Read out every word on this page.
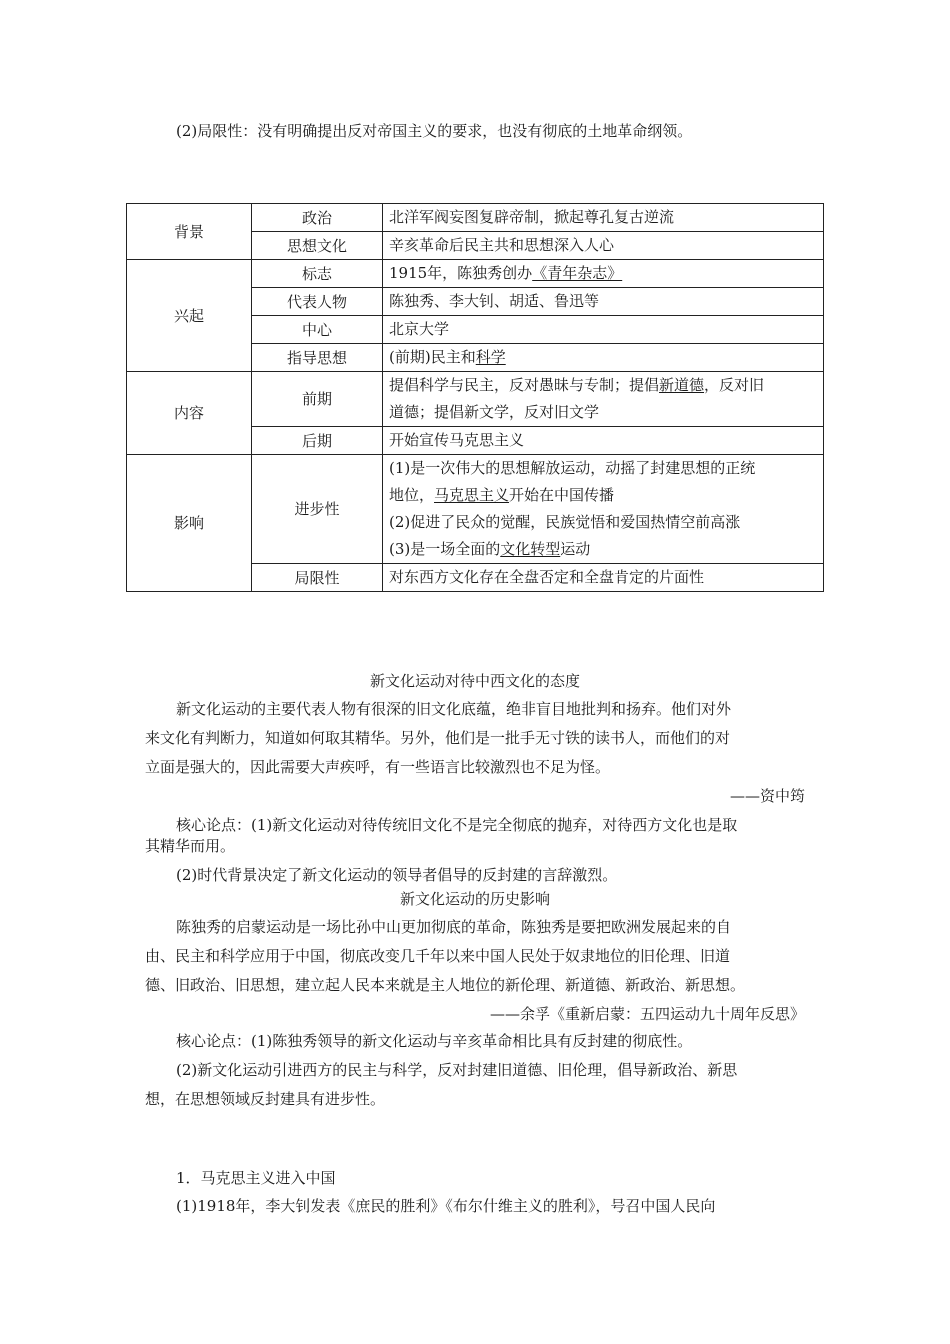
(2)局限性：没有明确提出反对帝国主义的要求，也没有彻底的土地革命纲领。
背景	政治	北洋军阀妄图复辟帝制，掀起尊孔复古逆流
	思想文化	辛亥革命后民主共和思想深入人心
兴起	标志	1915年，陈独秀创办《青年杂志》
	代表人物	陈独秀、李大钊、胡适、鲁迅等
	中心	北京大学
	指导思想	(前期)民主和科学
内容	前期	提倡科学与民主，反对愚昧与专制；提倡新道德，反对旧
道德；提倡新文学，反对旧文学

	后期	开始宣传马克思主义
影响	进步性	(1)是一次伟大的思想解放运动，动摇了封建思想的正统
地位，马克思主义开始在中国传播
(2)促进了民众的觉醒，民族觉悟和爱国热情空前高涨
(3)是一场全面的文化转型运动

	局限性	对东西方文化存在全盘否定和全盘肯定的片面性
新文化运动对待中西文化的态度
新文化运动的主要代表人物有很深的旧文化底蕴，绝非盲目地批判和扬弃。他们对外
来文化有判断力，知道如何取其精华。另外，他们是一批手无寸铁的读书人，而他们的对
立面是强大的，因此需要大声疾呼，有一些语言比较激烈也不足为怪。
——资中筠
核心论点：(1)新文化运动对待传统旧文化不是完全彻底的抛弃，对待西方文化也是取
其精华而用。
(2)时代背景决定了新文化运动的领导者倡导的反封建的言辞激烈。
新文化运动的历史影响
陈独秀的启蒙运动是一场比孙中山更加彻底的革命，陈独秀是要把欧洲发展起来的自
由、民主和科学应用于中国，彻底改变几千年以来中国人民处于奴隶地位的旧伦理、旧道
德、旧政治、旧思想，建立起人民本来就是主人地位的新伦理、新道德、新政治、新思想。
——余孚《重新启蒙：五四运动九十周年反思》
核心论点：(1)陈独秀领导的新文化运动与辛亥革命相比具有反封建的彻底性。
(2)新文化运动引进西方的民主与科学，反对封建旧道德、旧伦理，倡导新政治、新思
想，在思想领域反封建具有进步性。
1．马克思主义进入中国
(1)1918年，李大钊发表《庶民的胜利》《布尔什维主义的胜利》，号召中国人民向
